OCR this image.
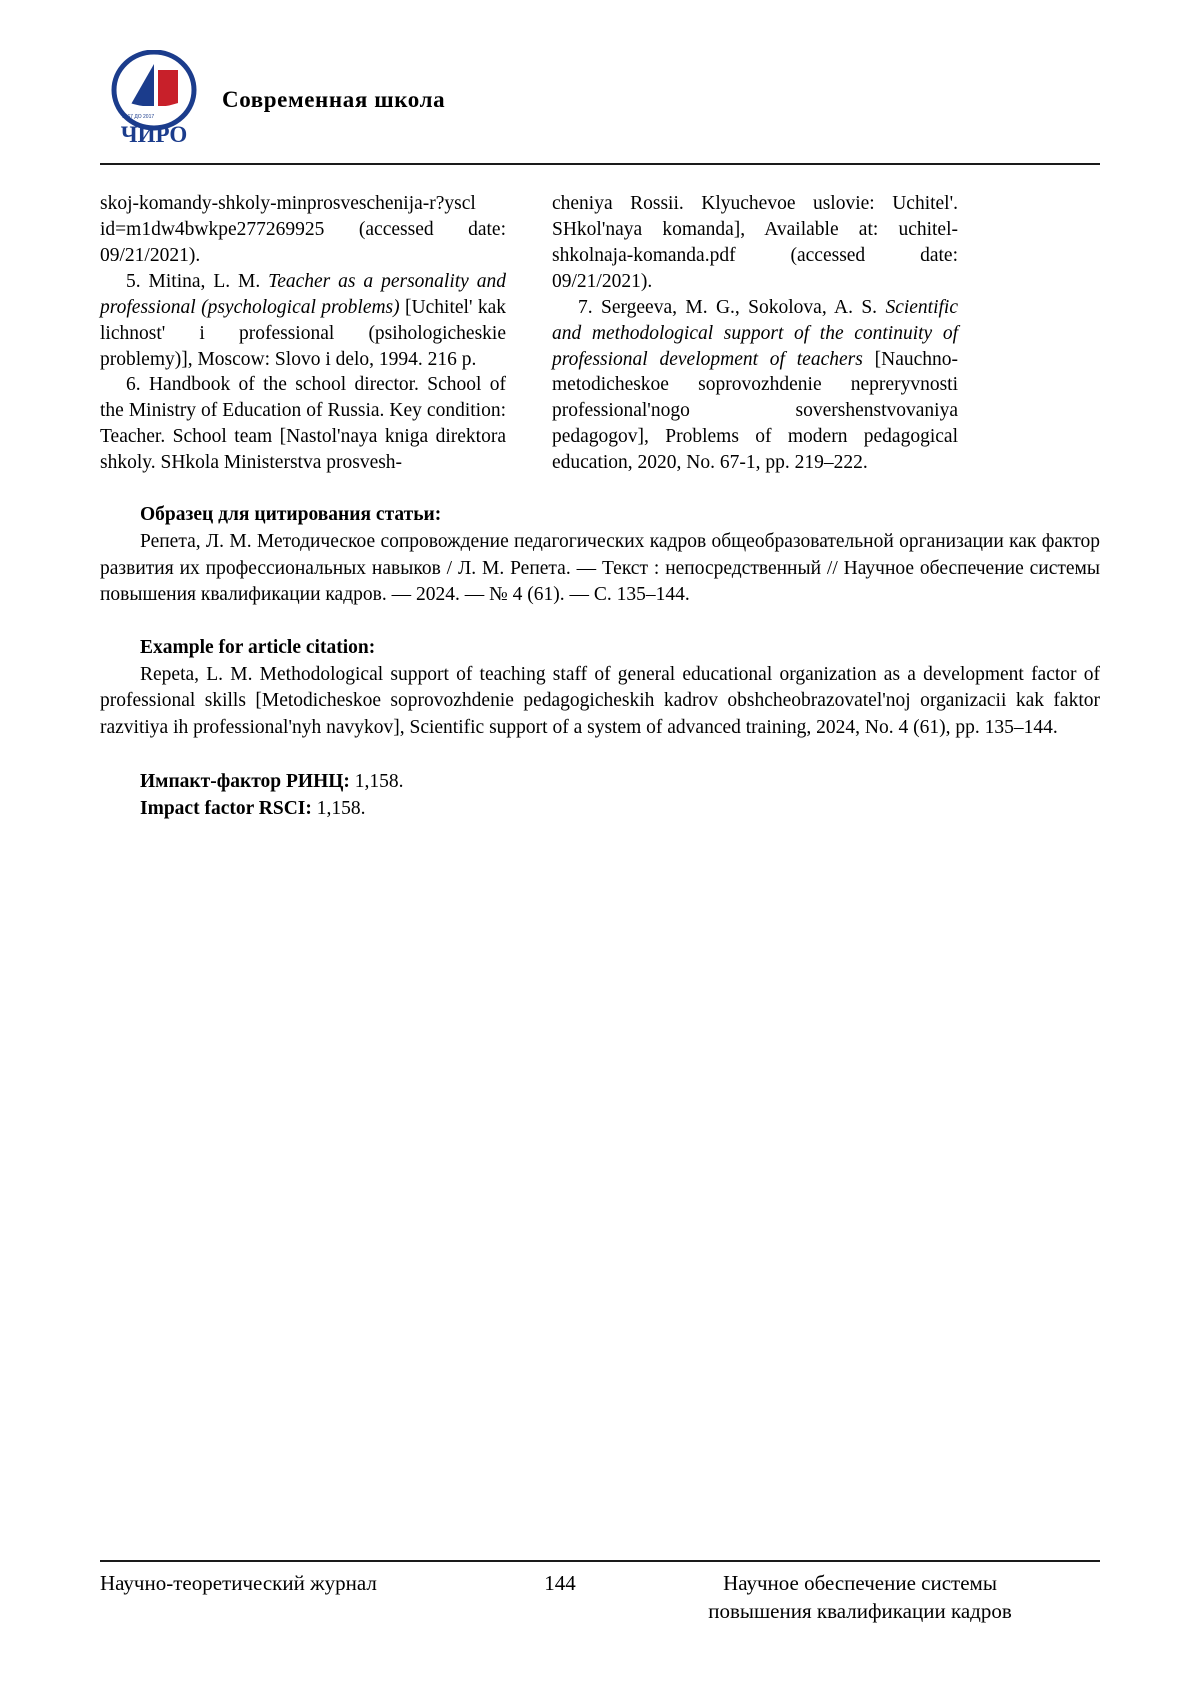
ЧИРО
1967 ДО 2017
Современная школа

skoj-komandy-shkoly-minprosveschenija-r?yscl id=m1dw4bwkpe277269925 (accessed date: 09/21/2021).

5. Mitina, L. M. Teacher as a personality and professional (psychological problems) [Uchitel' kak lichnost' i professional (psihologicheskie problemy)], Moscow: Slovo i delo, 1994. 216 p.

6. Handbook of the school director. School of the Ministry of Education of Russia. Key condition: Teacher. School team [Nastol'naya kniga direktora shkoly. SHkola Ministerstva prosvesh-

cheniya Rossii. Klyuchevoe uslovie: Uchitel'. SHkol'naya komanda], Available at: uchitel-shkolnaja-komanda.pdf (accessed date: 09/21/2021).

7. Sergeeva, M. G., Sokolova, A. S. Scientific and methodological support of the continuity of professional development of teachers [Nauchno-metodicheskoe soprovozhdenie nepreryvnosti professional'nogo sovershenstvovaniya pedagogov], Problems of modern pedagogical education, 2020, No. 67-1, pp. 219–222.

Образец для цитирования статьи:

Репета, Л. М. Методическое сопровождение педагогических кадров общеобразовательной организации как фактор развития их профессиональных навыков / Л. М. Репета. — Текст : непосредственный // Научное обеспечение системы повышения квалификации кадров. — 2024. — № 4 (61). — С. 135–144.

Example for article citation:

Repeta, L. M. Methodological support of teaching staff of general educational organization as a development factor of professional skills [Metodicheskoe soprovozhdenie pedagogicheskih kadrov obshcheobrazovatel'noj organizacii kak faktor razvitiya ih professional'nyh navykov], Scientific support of a system of advanced training, 2024, No. 4 (61), pp. 135–144.

Импакт-фактор РИНЦ: 1,158.

Impact factor RSCI: 1,158.

Научно-теоретический журнал	144	Научное обеспечение системы
повышения квалификации кадров
